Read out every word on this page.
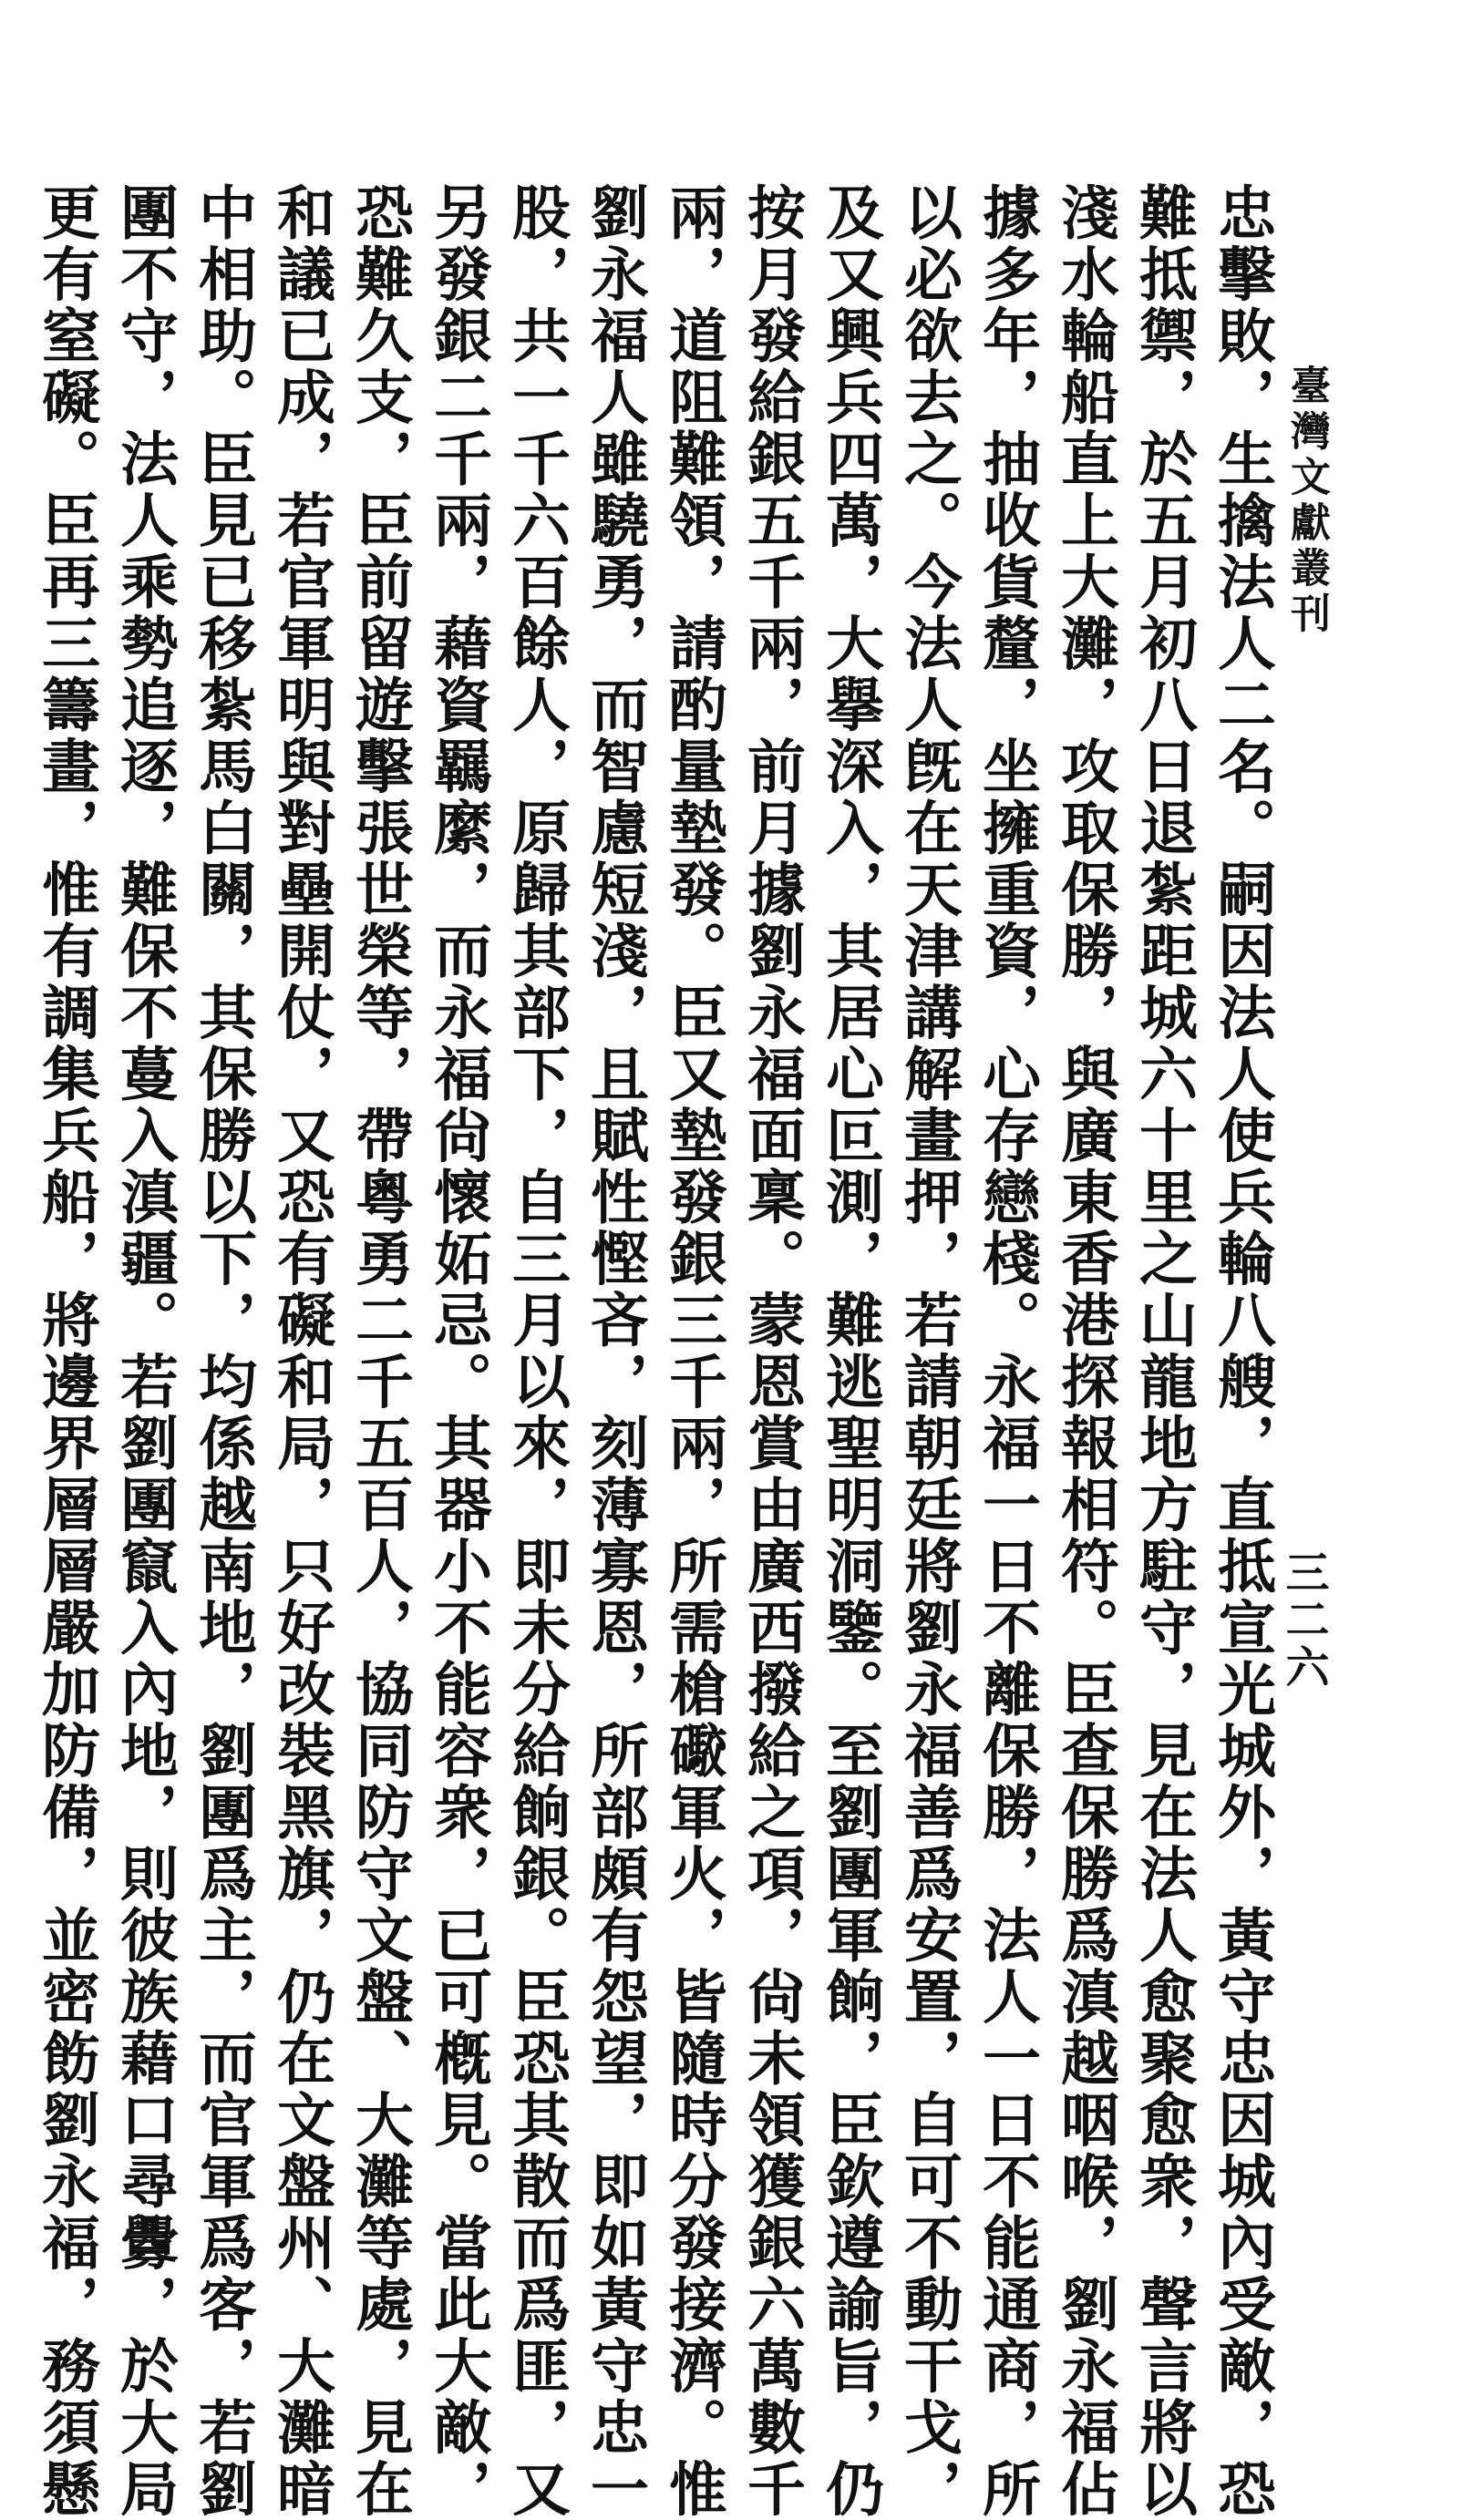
臺灣文獻叢刊
三二六
忠擊敗，生擒法人二名。嗣因法人使兵輪八艘，直抵宣光城外，黃守忠因城內受敵，恐
難抵禦，於五月初八日退紮距城六十里之山龍地方駐守，見在法人愈聚愈衆，聲言將以
淺水輪船直上大灘，攻取保勝，與廣東香港探報相符。臣查保勝爲滇越咽喉，劉永福佔
據多年，抽收貨釐，坐擁重資，心存戀棧。永福一日不離保勝，法人一日不能通商，所
以必欲去之。今法人旣在天津講解畫押，若請朝廷將劉永福善爲安置，自可不動干戈，
及又興兵四萬，大擧深入，其居心叵測，難逃聖明洞鑒。至劉團軍餉，臣欽遵諭旨，仍
按月發給銀五千兩，前月據劉永福面稟。蒙恩賞由廣西撥給之項，尙未領獲銀六萬數千
兩，道阻難領，請酌量墊發。臣又墊發銀三千兩，所需槍礮軍火，皆隨時分發接濟。惟
劉永福人雖驍勇，而智慮短淺，且賦性慳吝，刻薄寡恩，所部頗有怨望，即如黃守忠一
股，共一千六百餘人，原歸其部下，自三月以來，即未分給餉銀。臣恐其散而爲匪，又
另發銀二千兩，藉資羈縻，而永福尙懷妬忌。其器小不能容衆，已可槪見。當此大敵，
恐難久支，臣前留遊擊張世榮等，帶粵勇二千五百人，協同防守文盤、大灘等處，見在
和議已成，若官軍明與對壘開仗，又恐有礙和局，只好改裝黑旗，仍在文盤州、大灘暗
中相助。臣見已移紮馬白關，其保勝以下，均係越南地，劉團爲主，而官軍爲客，若劉
團不守，法人乘勢追逐，難保不蔓入滇疆。若劉團竄入內地，則彼族藉口尋釁，於大局
更有窒礙。臣再三籌畫，惟有調集兵船，將邊界層層嚴加防備，並密飭劉永福，務須懸
